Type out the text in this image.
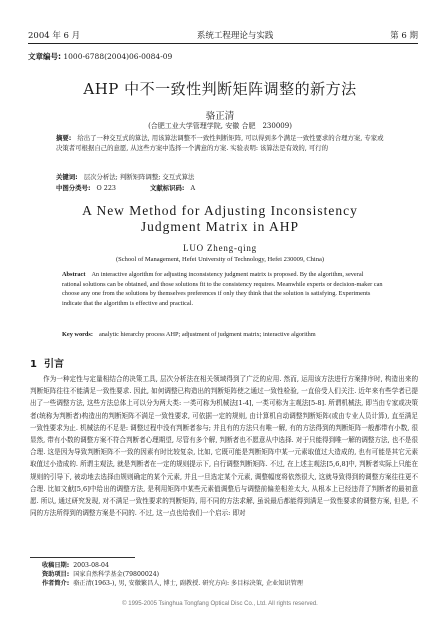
2004 年 6 月	系统工程理论与实践	第 6 期
文章编号: 1000-6788(2004)06-0084-09
AHP 中不一致性判断矩阵调整的新方法
骆正清
(合肥工业大学管理学院, 安徽 合肥　230009)
摘要: 给出了一种交互式的算法, 用该算法调整不一致性判断矩阵, 可以得到多个满足一致性要求的合理方案, 专家或决策者可根据自己的意愿, 从这些方案中选择一个满意的方案. 实验表明: 该算法是有效的, 可行的
关键词: 层次分析法; 判断矩阵调整; 交互式算法
中图分类号: O 223	文献标识码: A
A New Method for Adjusting Inconsistency
Judgment Matrix in AHP
LUO Zheng-qing
(School of Management, Hefei University of Technology, Hefei 230009, China)
Abstract An interactive algorithm for adjusting inconsistency judgment matrix is proposed. By the algorithm, several rational solutions can be obtained, and those solutions fit to the consistency requires. Meanwhile experts or decision-maker can choose any one from the solutions by themselves preferences if only they think that the solution is satisfying. Experiments indicate that the algorithm is effective and practical.
Key words: analytic hierarchy process AHP; adjustment of judgment matrix; interactive algorithm
1 引言
作为一种定性与定量相结合的决策工具, 层次分析法在相关领域得到了广泛的应用. 然而, 运用该方法进行方案排序时, 构造出来的判断矩阵往往不能满足一致性要求. 因此, 如何调整已构造出的判断矩阵使之通过一致性检验, 一直倍受人们关注. 近年来有些学者已提出了一些调整方法, 这些方法总体上可以分为两大类: 一类可称为机械法[1-4], 一类可称为主观法[5-8]. 所谓机械法, 即当由专家或决策者(统称为判断者)构造出的判断矩阵不满足一致性要求, 可依据一定的规则, 由计算机自动调整判断矩阵(或由专业人员计算), 直至满足一致性要求为止. 机械法的不足是: 调整过程中没有判断者参与; 并且有的方法只有唯一解, 有的方法得到的判断矩阵一般都带有小数, 很显然, 带有小数的调整方案不符合判断者心理期望, 尽管有多个解, 判断者也不愿意从中选择. 对于只能得到唯一解的调整方法, 也不是很合理. 这是因为导致判断矩阵不一致的因素有时比较复杂, 比如, 它既可能是判断矩阵中某一元素取值过大造成的, 也有可能是其它元素取值过小造成的. 所谓主观法, 就是判断者在一定的规则提示下, 自行调整判断矩阵. 不过, 在上述主观法[5,6,8]中, 判断者实际上只能在规则的引导下, 被动地去选择由规则确定的某个元素, 并且一旦选定某个元素, 调整幅度将依然很大, 这就导致得到的调整方案往往更不合理. 比如文献[5,6]中给出的调整方法, 是利用矩阵中某些元素值调整后与调整前偏差相差太大, 从根本上已经违背了判断者的最初意愿. 所以, 通过研究发现, 对不满足一致性要求的判断矩阵, 用不同的方法求解, 虽说最后都能得到满足一致性要求的调整方案, 但是, 不同的方法所得到的调整方案是不同的. 不过, 这一点也给我们一个启示: 即对
收稿日期: 2003-08-04
资助项目: 国家自然科学基金(79800024)
作者简介: 骆正清(1963-), 男, 安徽繁昌人, 博士, 副教授. 研究方向: 多目标决策, 企业知识管理
© 1995-2005 Tsinghua Tongfang Optical Disc Co., Ltd. All rights reserved.
